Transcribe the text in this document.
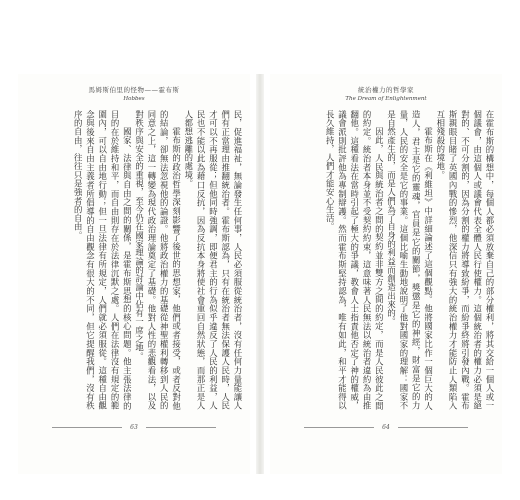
馬姆斯伯里的怪物——霍布斯
Hobbes

民，促進福祉，無論發生任何事，人民必須服從統治者，沒有任何力量能讓人們有正當理由推翻統治者。霍布斯認為，只有在統治者無法保護人民時，人民才可以不再服從；但他同時強調，即便君主的行為似乎違反了人民的利益，人民也不能以此為藉口反抗，因為反抗本身將使社會重回自然狀態，而那正是人人都想逃離的處境。

霍布斯的政治哲學深刻影響了後世的思想家，他們或者接受，或者反對他的結論，卻無法忽視他的論證。他將政治權力的基礎從神聖權利轉移到人民的同意之上，這一轉變為現代政治理論奠定了基礎。他對人性的悲觀看法，以及對秩序與安全的重視，至今仍在國家理論的討論中佔有一席之地。

國家、法律與自由之間的關係，是霍布斯思想的核心問題。他主張法律的目的在於維持和平，而自由則存在於法律沉默之處。人們在法律沒有規定的範圍內，可以自由地行動；但一旦法律有所規定，人們就必須服從。這種自由觀念與後來自由主義者所倡導的自由觀念有很大的不同，但它提醒我們，沒有秩序的自由，往往只是強者的自由。

63
統治權力的哲學家
The Dream of Enlightenment

在霍布斯的構想中，每個人都必須放棄自己的部分權利，將其交給一個人或一個議會，由這個人或議會代表全體人民行使權力。這個統治者的權力必須是絕對的、不可分割的，因為分割的權力將導致紛爭，而紛爭終將引發內戰。霍布斯親眼目睹了英國內戰的慘烈，他深信只有強大的統治權力才能防止人類陷入互相殘殺的境地。

霍布斯在《利維坦》中詳細論述了這個觀點。他將國家比作一個巨大的人造人，君主是它的靈魂，官員是它的關節，獎懲是它的神經，財富是它的力量，人民的安全是它的事業。這個比喻生動地說明了他對國家的理解：國家不是自然產生的，而是人們為了自身的利益而創造出來的。

因此，人民與統治者之間的契約並非雙方之間的約定，而是人民彼此之間的約定。統治者本身並不受契約約束，這意味著人民無法以統治者違約為由推翻他。這種看法在當時引起了極大的爭議，教會人士指責他否定了神的權威，議會派則批評他為專制辯護。然而霍布斯堅持認為，唯有如此，和平才能得以長久維持，人們才能安心生活。

64
